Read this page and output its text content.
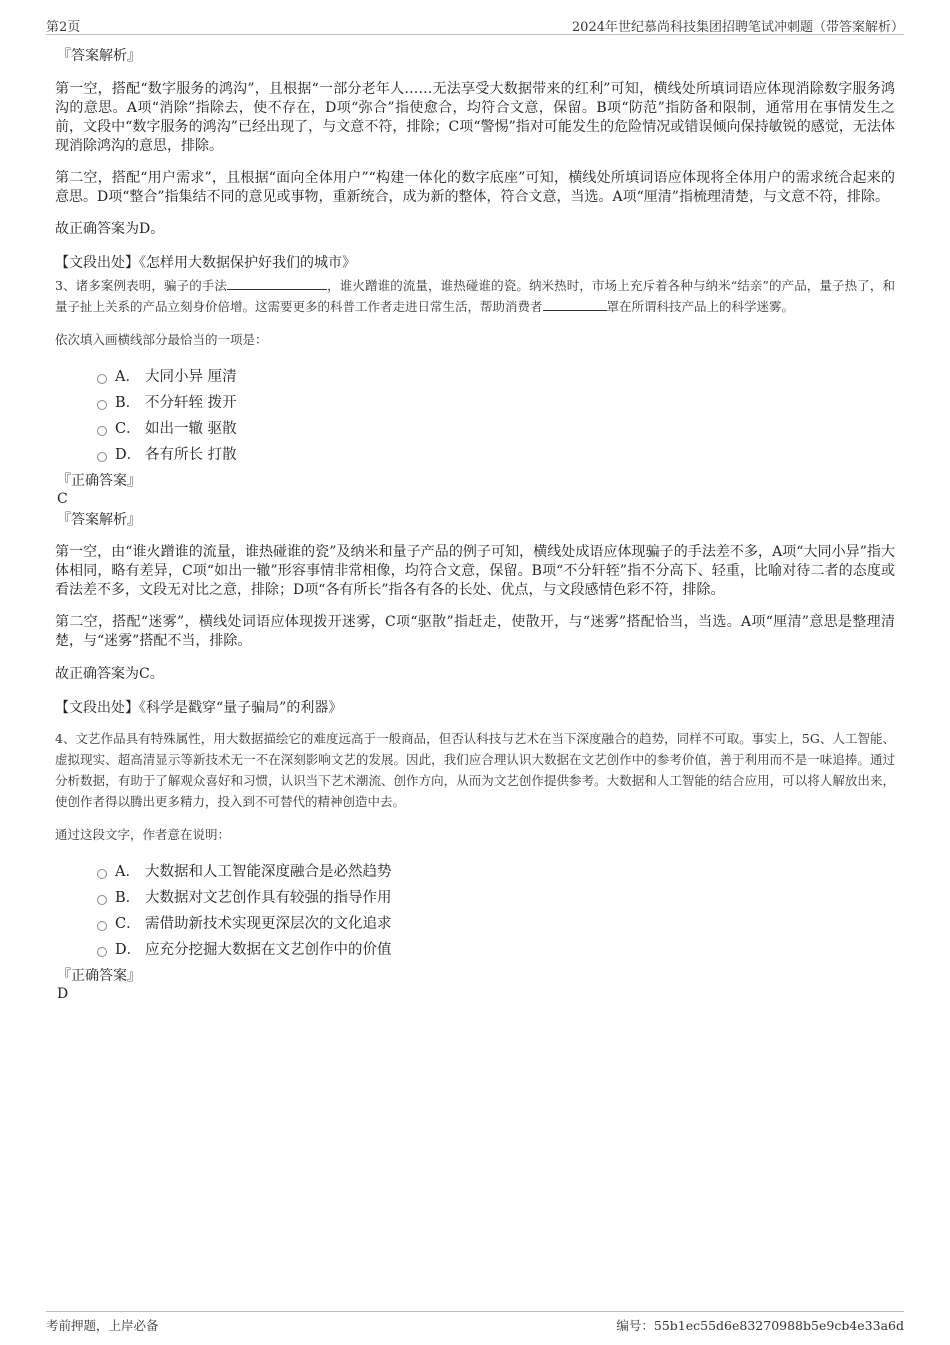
第2页	2024年世纪慕尚科技集团招聘笔试冲刺题（带答案解析）

『答案解析』

第一空，搭配“数字服务的鸿沟”，且根据“一部分老年人……无法享受大数据带来的红利”可知，横线处所填词语应体现消除数字服务鸿沟的意思。A项“消除”指除去，使不存在，D项“弥合”指使愈合，均符合文意，保留。B项“防范”指防备和限制，通常用在事情发生之前，文段中“数字服务的鸿沟”已经出现了，与文意不符，排除；C项“警惕”指对可能发生的危险情况或错误倾向保持敏锐的感觉，无法体现消除鸿沟的意思，排除。

第二空，搭配“用户需求”，且根据“面向全体用户”“构建一体化的数字底座”可知，横线处所填词语应体现将全体用户的需求统合起来的意思。D项“整合”指集结不同的意见或事物，重新统合，成为新的整体，符合文意，当选。A项“厘清”指梳理清楚，与文意不符，排除。

故正确答案为D。

【文段出处】《怎样用大数据保护好我们的城市》

3、诸多案例表明，骗子的手法	，谁火蹭谁的流量，谁热碰谁的瓷。纳米热时，市场上充斥着各种与纳米“结亲”的产品，量子热了，和量子扯上关系的产品立刻身价倍增。这需要更多的科普工作者走进日常生活，帮助消费者	罩在所谓科技产品上的科学迷雾。

依次填入画横线部分最恰当的一项是：

A． 大同小异 厘清
B． 不分轩轾 拨开
C． 如出一辙 驱散
D． 各有所长 打散

『正确答案』

C

『答案解析』

第一空，由“谁火蹭谁的流量，谁热碰谁的瓷”及纳米和量子产品的例子可知，横线处成语应体现骗子的手法差不多，A项“大同小异”指大体相同，略有差异，C项“如出一辙”形容事情非常相像，均符合文意，保留。B项“不分轩轾”指不分高下、轻重，比喻对待二者的态度或看法差不多，文段无对比之意，排除；D项“各有所长”指各有各的长处、优点，与文段感情色彩不符，排除。

第二空，搭配“迷雾”，横线处词语应体现拨开迷雾，C项“驱散”指赶走，使散开，与“迷雾”搭配恰当，当选。A项“厘清”意思是整理清楚，与“迷雾”搭配不当，排除。

故正确答案为C。

【文段出处】《科学是戳穿“量子骗局”的利器》

4、文艺作品具有特殊属性，用大数据描绘它的难度远高于一般商品，但否认科技与艺术在当下深度融合的趋势，同样不可取。事实上，5G、人工智能、虚拟现实、超高清显示等新技术无一不在深刻影响文艺的发展。因此，我们应合理认识大数据在文艺创作中的参考价值，善于利用而不是一味追捧。通过分析数据，有助于了解观众喜好和习惯，认识当下艺术潮流、创作方向，从而为文艺创作提供参考。大数据和人工智能的结合应用，可以将人解放出来，使创作者得以腾出更多精力，投入到不可替代的精神创造中去。

通过这段文字，作者意在说明：

A． 大数据和人工智能深度融合是必然趋势
B． 大数据对文艺创作具有较强的指导作用
C． 需借助新技术实现更深层次的文化追求
D． 应充分挖掘大数据在文艺创作中的价值

『正确答案』

D

考前押题，上岸必备	编号：55b1ec55d6e83270988b5e9cb4e33a6d
